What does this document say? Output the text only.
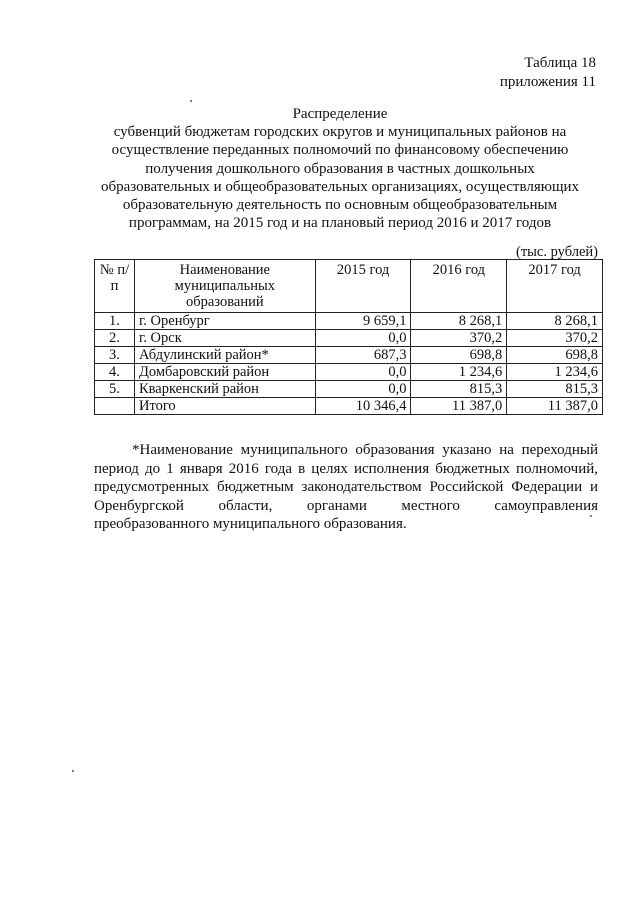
Таблица 18
приложения 11
Распределение
субвенций бюджетам городских округов и муниципальных районов на
осуществление переданных полномочий по финансовому обеспечению
получения дошкольного образования в частных дошкольных
образовательных и общеобразовательных организациях, осуществляющих
образовательную деятельность по основным общеобразовательным
программам, на 2015 год и на плановый период 2016 и 2017 годов
(тыс. рублей)
№ п/п	Наименование муниципальных образований	2015 год	2016 год	2017 год
1.	г. Оренбург	9 659,1	8 268,1	8 268,1
2.	г. Орск	0,0	370,2	370,2
3.	Абдулинский район*	687,3	698,8	698,8
4.	Домбаровский район	0,0	1 234,6	1 234,6
5.	Кваркенский район	0,0	815,3	815,3
	Итого	10 346,4	11 387,0	11 387,0
*Наименование муниципального образования указано на переходный
период до 1 января 2016 года в целях исполнения бюджетных полномочий,
предусмотренных бюджетным законодательством Российской Федерации и
Оренбургской области, органами местного самоуправления
преобразованного муниципального образования.
